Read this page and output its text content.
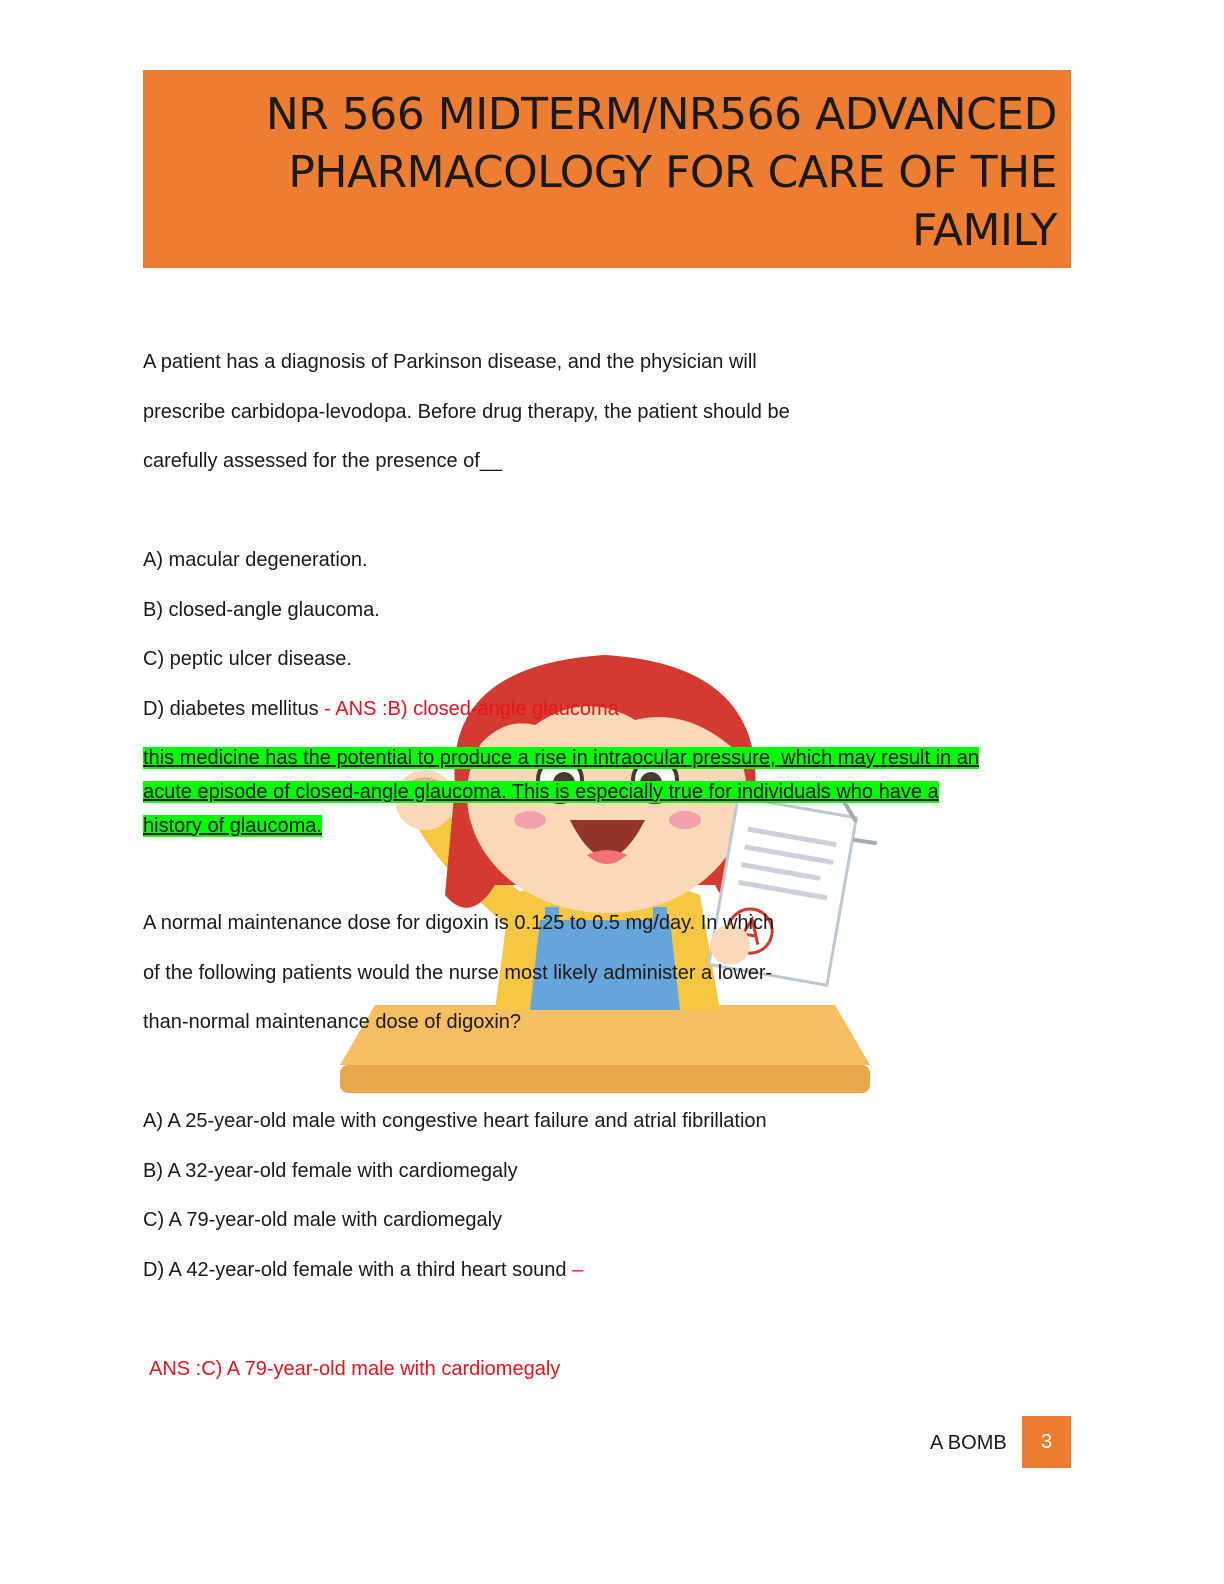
NR 566 MIDTERM/NR566 ADVANCED
PHARMACOLOGY FOR CARE OF THE
FAMILY
A patient has a diagnosis of Parkinson disease, and the physician will
prescribe carbidopa-levodopa. Before drug therapy, the patient should be
carefully assessed for the presence of__
A) macular degeneration.
B) closed-angle glaucoma.
C) peptic ulcer disease.
D) diabetes mellitus - ANS :B) closed-angle glaucoma
this medicine has the potential to produce a rise in intraocular pressure, which may result in an
acute episode of closed-angle glaucoma. This is especially true for individuals who have a
history of glaucoma.
A normal maintenance dose for digoxin is 0.125 to 0.5 mg/day. In which
of the following patients would the nurse most likely administer a lower-
than-normal maintenance dose of digoxin?
A) A 25-year-old male with congestive heart failure and atrial fibrillation
B) A 32-year-old female with cardiomegaly
C) A 79-year-old male with cardiomegaly
D) A 42-year-old female with a third heart sound –
ANS :C) A 79-year-old male with cardiomegaly
A BOMB	3
